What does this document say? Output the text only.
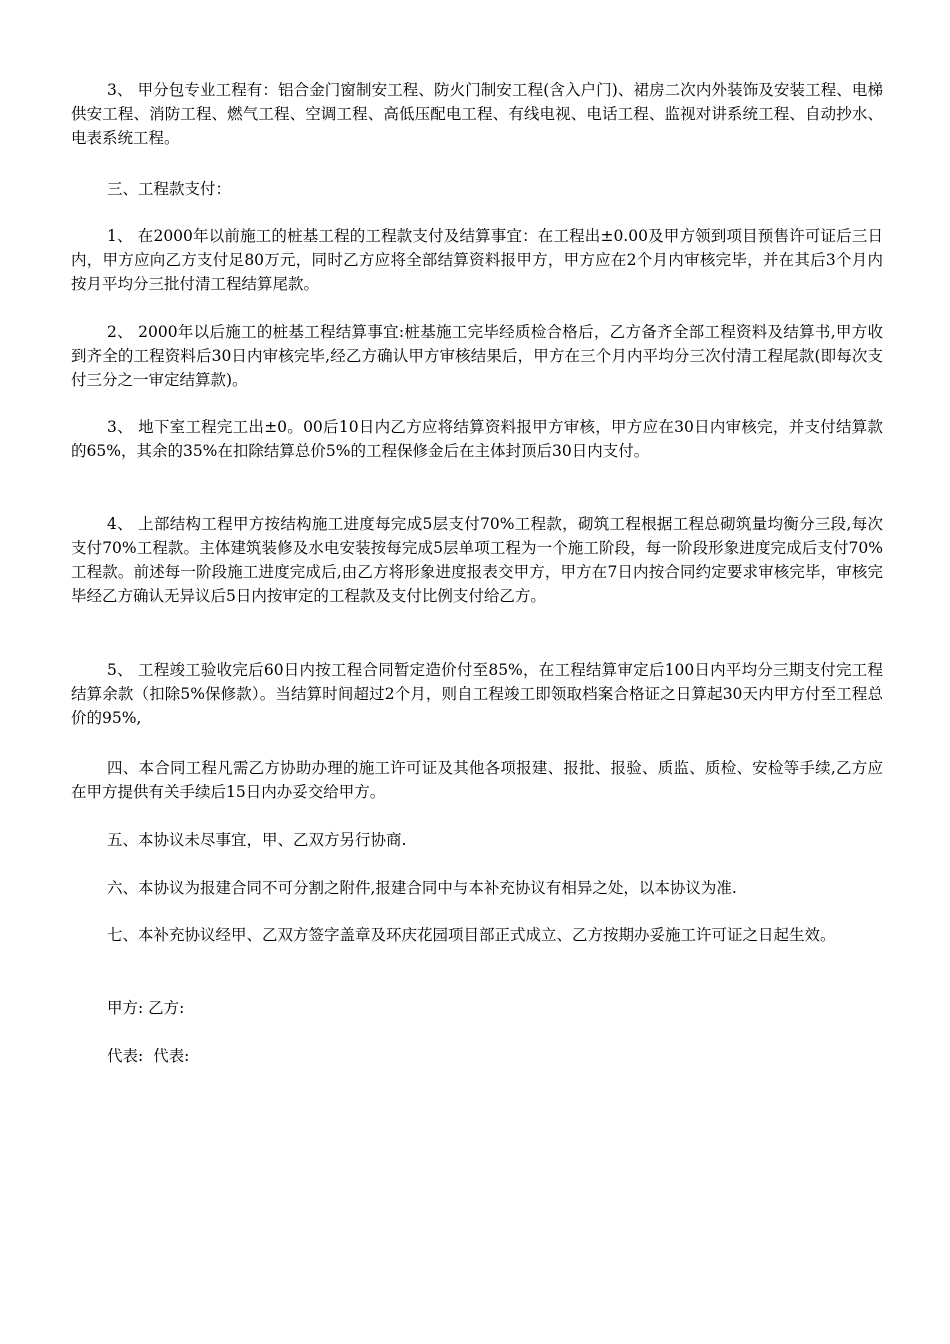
3、 甲分包专业工程有：铝合金门窗制安工程、防火门制安工程(含入户门)、裙房二次内外装饰及安装工程、电梯供安工程、消防工程、燃气工程、空调工程、高低压配电工程、有线电视、电话工程、监视对讲系统工程、自动抄水、电表系统工程。

三、工程款支付：

1、 在2000年以前施工的桩基工程的工程款支付及结算事宜：在工程出±0.00及甲方领到项目预售许可证后三日内，甲方应向乙方支付足80万元，同时乙方应将全部结算资料报甲方，甲方应在2个月内审核完毕，并在其后3个月内按月平均分三批付清工程结算尾款。

2、 2000年以后施工的桩基工程结算事宜:桩基施工完毕经质检合格后，乙方备齐全部工程资料及结算书,甲方收到齐全的工程资料后30日内审核完毕,经乙方确认甲方审核结果后，甲方在三个月内平均分三次付清工程尾款(即每次支付三分之一审定结算款)。

3、 地下室工程完工出±0。00后10日内乙方应将结算资料报甲方审核，甲方应在30日内审核完，并支付结算款的65%，其余的35%在扣除结算总价5%的工程保修金后在主体封顶后30日内支付。

4、 上部结构工程甲方按结构施工进度每完成5层支付70%工程款，砌筑工程根据工程总砌筑量均衡分三段,每次支付70%工程款。主体建筑装修及水电安装按每完成5层单项工程为一个施工阶段，每一阶段形象进度完成后支付70%工程款。前述每一阶段施工进度完成后,由乙方将形象进度报表交甲方，甲方在7日内按合同约定要求审核完毕，审核完毕经乙方确认无异议后5日内按审定的工程款及支付比例支付给乙方。

5、 工程竣工验收完后60日内按工程合同暂定造价付至85%，在工程结算审定后100日内平均分三期支付完工程结算余款（扣除5%保修款）。当结算时间超过2个月，则自工程竣工即领取档案合格证之日算起30天内甲方付至工程总价的95%,

四、本合同工程凡需乙方协助办理的施工许可证及其他各项报建、报批、报验、质监、质检、安检等手续,乙方应在甲方提供有关手续后15日内办妥交给甲方。

五、本协议未尽事宜，甲、乙双方另行协商.

六、本协议为报建合同不可分割之附件,报建合同中与本补充协议有相异之处，以本协议为准.

七、本补充协议经甲、乙双方签字盖章及环庆花园项目部正式成立、乙方按期办妥施工许可证之日起生效。

甲方: 乙方:

代表:  代表:
